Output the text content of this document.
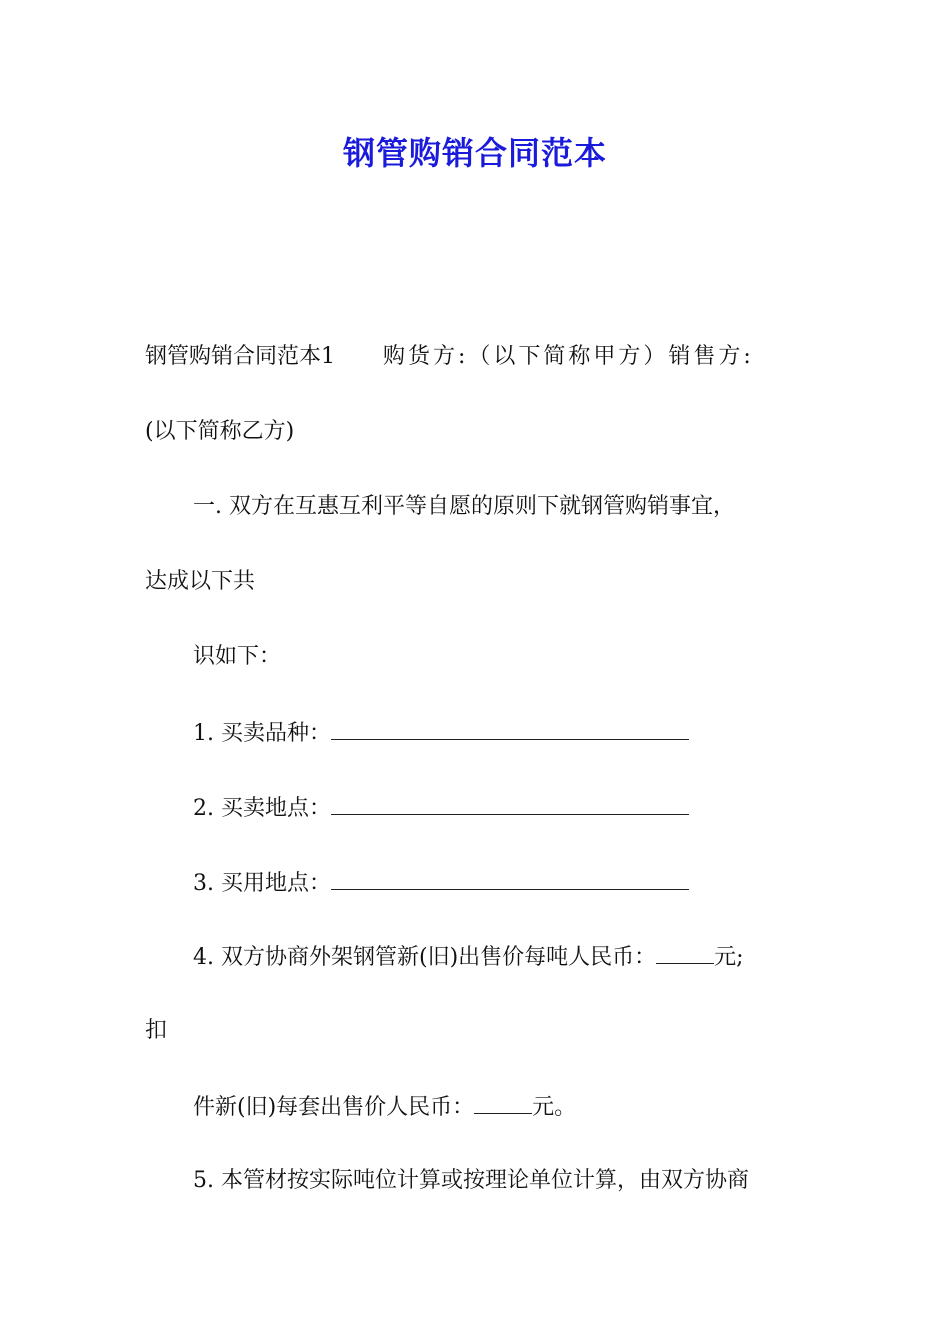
钢管购销合同范本

钢管购销合同范本1 购货方:（以下简称甲方）销售方:

(以下简称乙方)

一. 双方在互惠互利平等自愿的原则下就钢管购销事宜，

达成以下共

识如下：

1. 买卖品种：

2. 买卖地点：

3. 买用地点：

4. 双方协商外架钢管新(旧)出售价每吨人民币：	元;

扣

件新(旧)每套出售价人民币：	元。

5. 本管材按实际吨位计算或按理论单位计算，由双方协商
